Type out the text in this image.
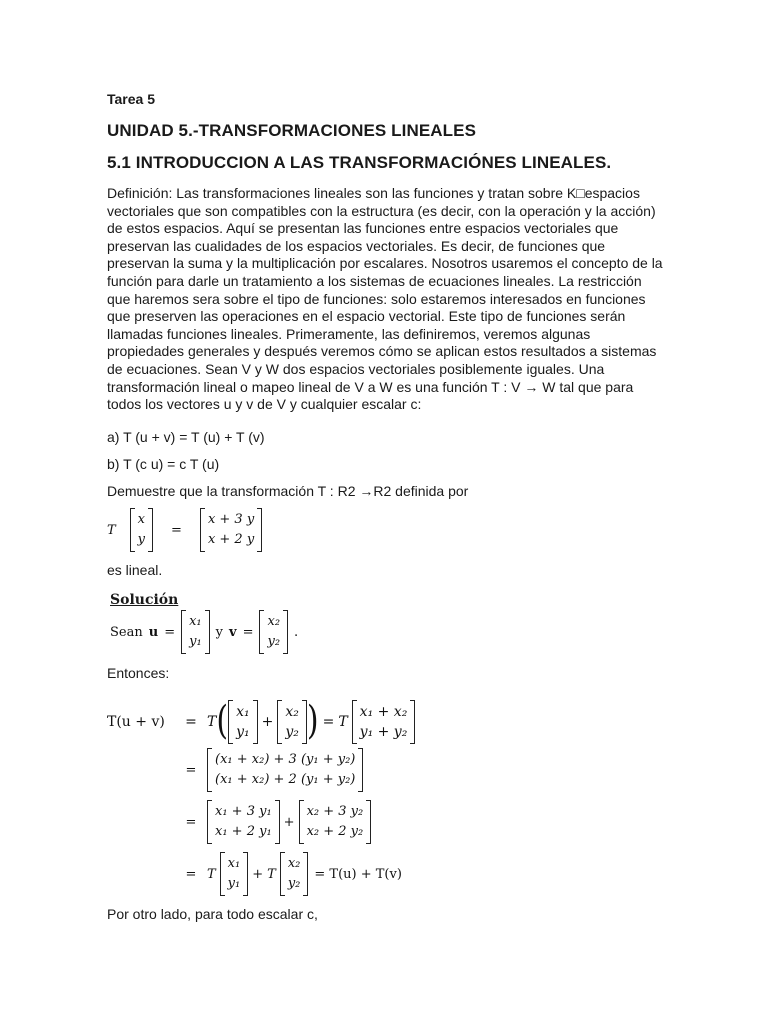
Tarea 5
UNIDAD 5.-TRANSFORMACIONES LINEALES
5.1 INTRODUCCION A LAS TRANSFORMACIÓNES LINEALES.
Definición: Las transformaciones lineales son las funciones y tratan sobre K□espacios vectoriales que son compatibles con la estructura (es decir, con la operación y la acción) de estos espacios. Aquí se presentan las funciones entre espacios vectoriales que preservan las cualidades de los espacios vectoriales. Es decir, de funciones que preservan la suma y la multiplicación por escalares. Nosotros usaremos el concepto de la función para darle un tratamiento a los sistemas de ecuaciones lineales. La restricción que haremos sera sobre el tipo de funciones: solo estaremos interesados en funciones que preserven las operaciones en el espacio vectorial. Este tipo de funciones serán llamadas funciones lineales. Primeramente, las definiremos, veremos algunas propiedades generales y después veremos cómo se aplican estos resultados a sistemas de ecuaciones. Sean V y W dos espacios vectoriales posiblemente iguales. Una transformación lineal o mapeo lineal de V a W es una función T : V → W tal que para todos los vectores u y v de V y cualquier escalar c:
a) T (u + v) = T (u) + T (v)
b) T (c u) = c T (u)
Demuestre que la transformación T : R2 →R2 definida por
T
x
y
=
x + 3 y
x + 2 y
es lineal.
Solución
Sean u =
x₁
y₁
y v =
x₂
y₂
.
Entonces:
T(u + v)	= T ( x₁
y₁
+
x₂
y₂ ) = T
x₁ + x₂
y₁ + y₂
=
(x₁ + x₂) + 3 (y₁ + y₂)
(x₁ + x₂) + 2 (y₁ + y₂)
=
x₁ + 3 y₁
x₁ + 2 y₁
+
x₂ + 3 y₂
x₂ + 2 y₂
= T
x₁
y₁
+ T
x₂
y₂
= T(u) + T(v)
Por otro lado, para todo escalar c,
